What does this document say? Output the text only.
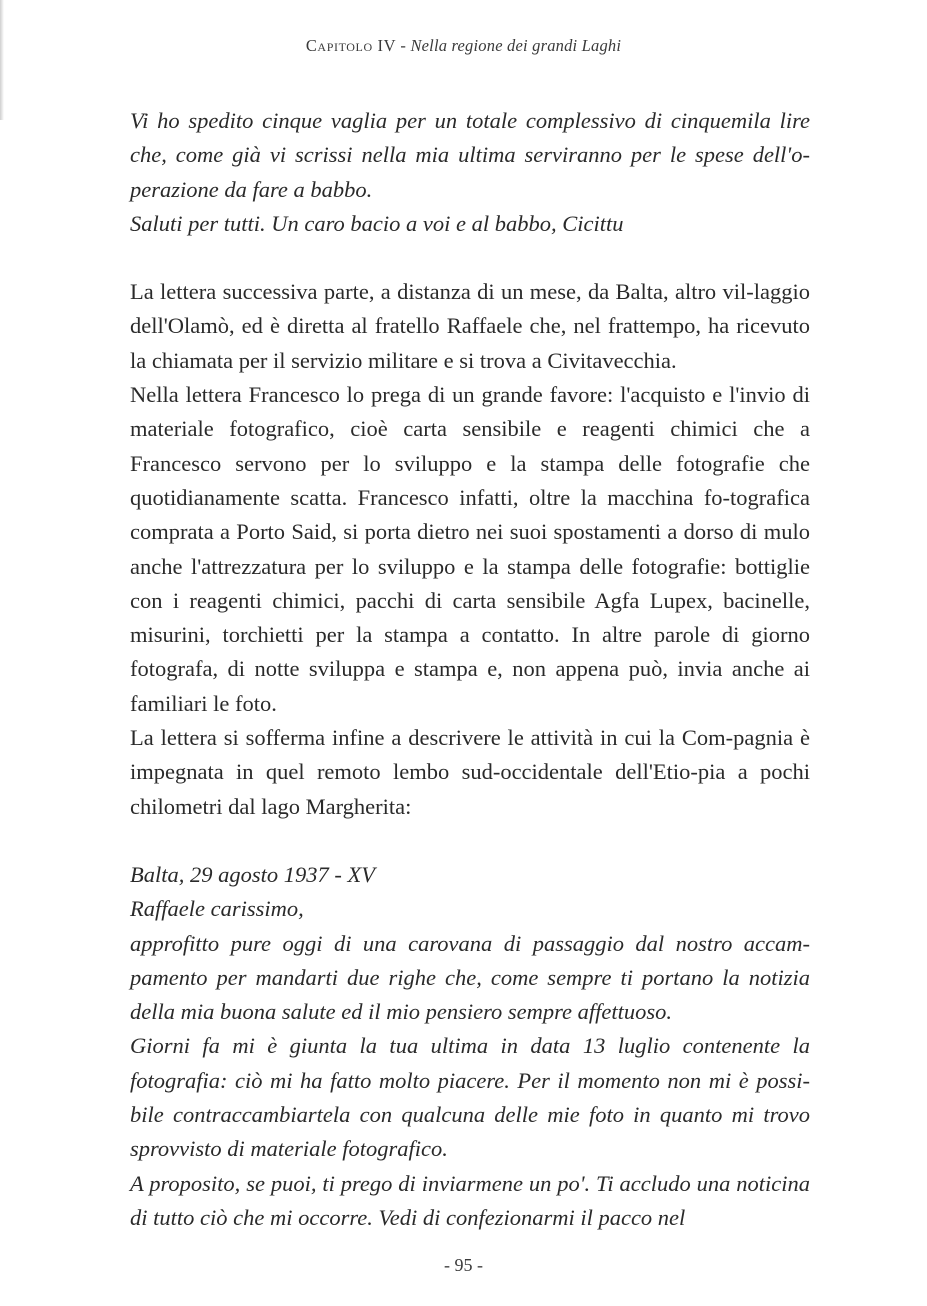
Capitolo IV - Nella regione dei grandi Laghi

Vi ho spedito cinque vaglia per un totale complessivo di cinquemila lire che, come già vi scrissi nella mia ultima serviranno per le spese dell'o-perazione da fare a babbo.

Saluti per tutti. Un caro bacio a voi e al babbo, Cicittu

La lettera successiva parte, a distanza di un mese, da Balta, altro vil-laggio dell'Olamò, ed è diretta al fratello Raffaele che, nel frattempo, ha ricevuto la chiamata per il servizio militare e si trova a Civitavecchia.

Nella lettera Francesco lo prega di un grande favore: l'acquisto e l'invio di materiale fotografico, cioè carta sensibile e reagenti chimici che a Francesco servono per lo sviluppo e la stampa delle fotografie che quotidianamente scatta. Francesco infatti, oltre la macchina fo-tografica comprata a Porto Said, si porta dietro nei suoi spostamenti a dorso di mulo anche l'attrezzatura per lo sviluppo e la stampa delle fotografie: bottiglie con i reagenti chimici, pacchi di carta sensibile Agfa Lupex, bacinelle, misurini, torchietti per la stampa a contatto. In altre parole di giorno fotografa, di notte sviluppa e stampa e, non appena può, invia anche ai familiari le foto.

La lettera si sofferma infine a descrivere le attività in cui la Com-pagnia è impegnata in quel remoto lembo sud-occidentale dell'Etio-pia a pochi chilometri dal lago Margherita:

Balta, 29 agosto 1937 - XV

Raffaele carissimo,

approfitto pure oggi di una carovana di passaggio dal nostro accam-pamento per mandarti due righe che, come sempre ti portano la notizia della mia buona salute ed il mio pensiero sempre affettuoso.

Giorni fa mi è giunta la tua ultima in data 13 luglio contenente la fotografia: ciò mi ha fatto molto piacere. Per il momento non mi è possi-bile contraccambiartela con qualcuna delle mie foto in quanto mi trovo sprovvisto di materiale fotografico.

A proposito, se puoi, ti prego di inviarmene un po'. Ti accludo una noticina di tutto ciò che mi occorre. Vedi di confezionarmi il pacco nel

- 95 -
